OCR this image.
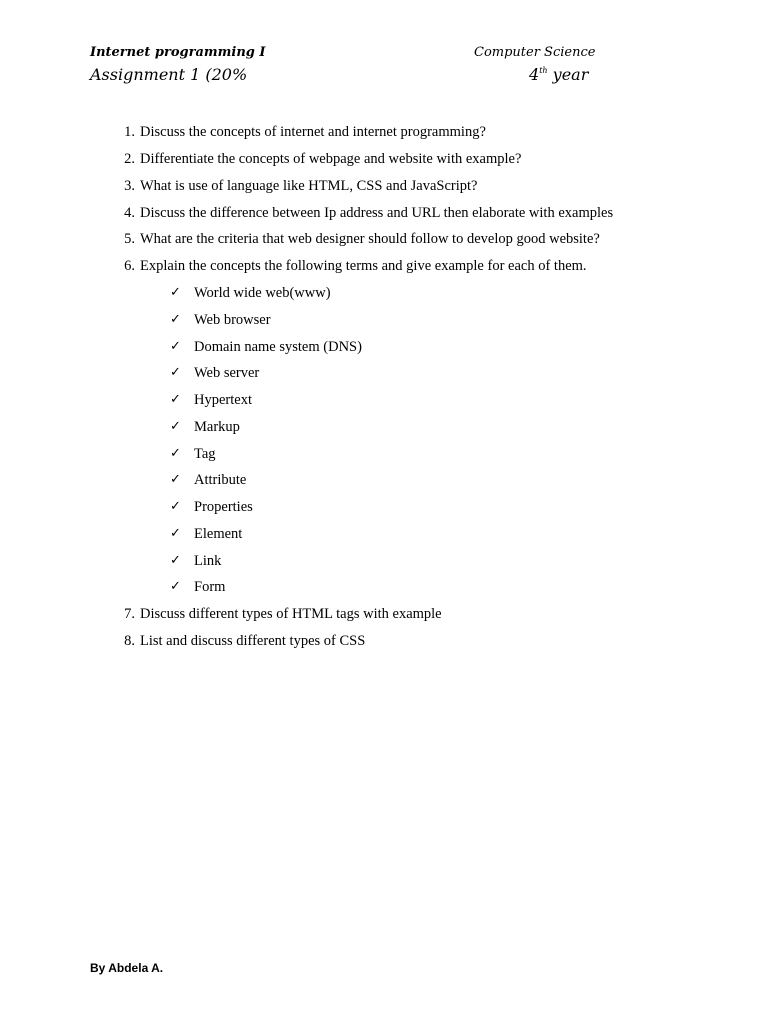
Internet programming I	Computer Science
Assignment 1 (20%	4th year
1. Discuss the concepts of internet and internet programming?
2. Differentiate the concepts of webpage and website with example?
3. What is use of language like HTML, CSS and JavaScript?
4. Discuss the difference between Ip address and URL then elaborate with examples
5. What are the criteria that web designer should follow to develop good website?
6. Explain the concepts the following terms and give example for each of them.
✓ World wide web(www)
✓ Web browser
✓ Domain name system (DNS)
✓ Web server
✓ Hypertext
✓ Markup
✓ Tag
✓ Attribute
✓ Properties
✓ Element
✓ Link
✓ Form
7. Discuss different types of HTML tags with example
8. List and discuss different types of CSS
By Abdela A.
